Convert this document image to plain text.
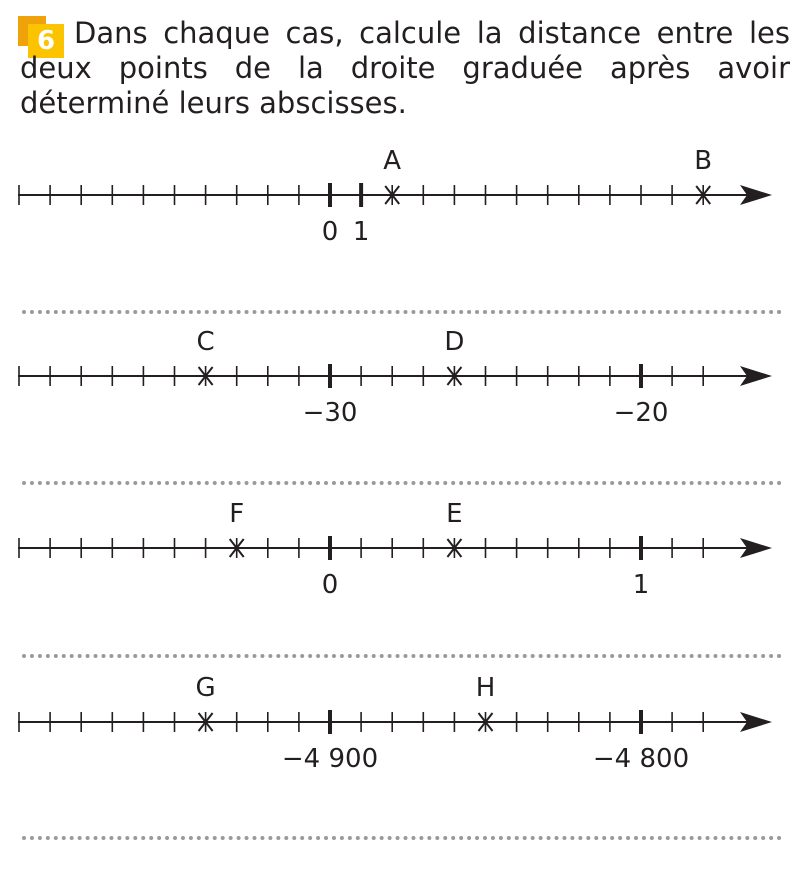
6 Dans chaque cas, calcule la distance entre les deux points de la droite graduée après avoir déterminé leurs abscisses.

0 1
A	B
−30	−20
C	D
0	1
F	E
−4 900	−4 800
G	H
